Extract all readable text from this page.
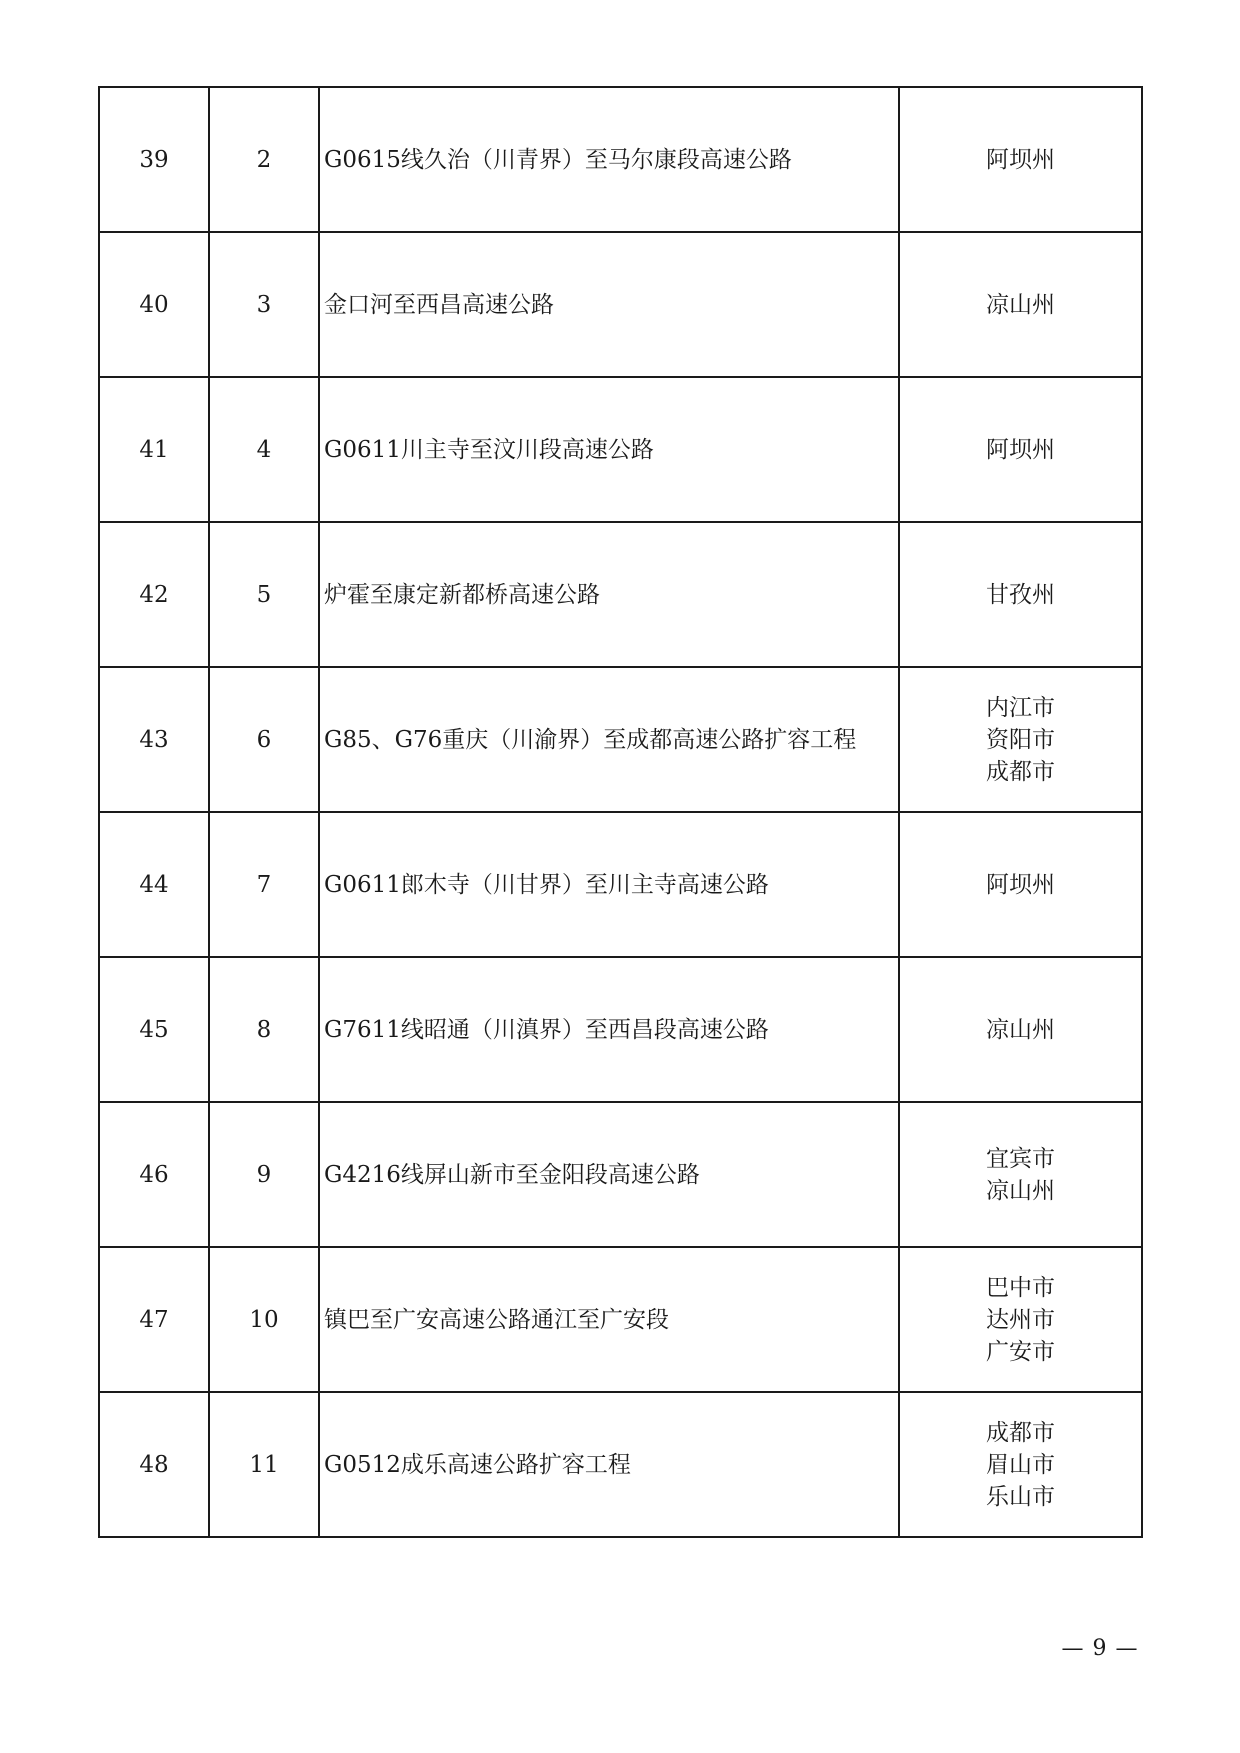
39	2	G0615线久治（川青界）至马尔康段高速公路	阿坝州

40	3	金口河至西昌高速公路	凉山州

41	4	G0611川主寺至汶川段高速公路	阿坝州

42	5	炉霍至康定新都桥高速公路	甘孜州

43	6	G85、G76重庆（川渝界）至成都高速公路扩容工程	内江市
资阳市
成都市

44	7	G0611郎木寺（川甘界）至川主寺高速公路	阿坝州

45	8	G7611线昭通（川滇界）至西昌段高速公路	凉山州

46	9	G4216线屏山新市至金阳段高速公路	宜宾市
凉山州

47	10	镇巴至广安高速公路通江至广安段	巴中市
达州市
广安市

48	11	G0512成乐高速公路扩容工程	成都市
眉山市
乐山市
— 9 —
